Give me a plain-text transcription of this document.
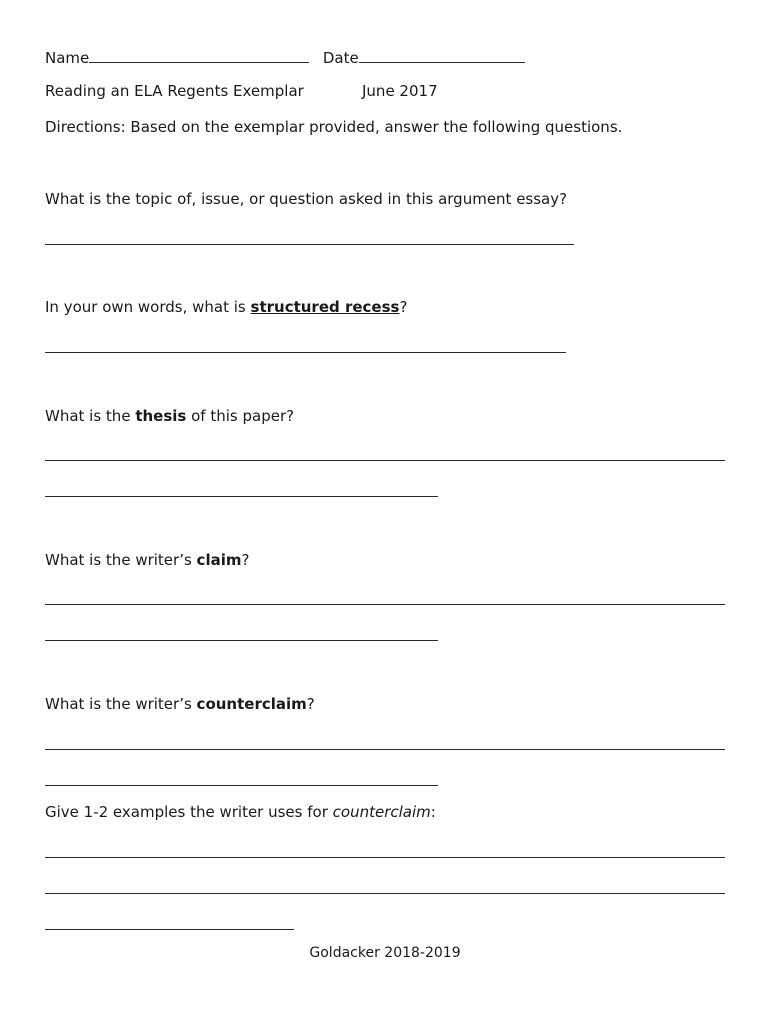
Name	Date
Reading an ELA Regents Exemplar	June 2017
Directions: Based on the exemplar provided, answer the following questions.
What is the topic of, issue, or question asked in this argument essay?
In your own words, what is structured recess?
What is the thesis of this paper?
What is the writer’s claim?
What is the writer’s counterclaim?
Give 1-2 examples the writer uses for counterclaim:
Goldacker 2018-2019
